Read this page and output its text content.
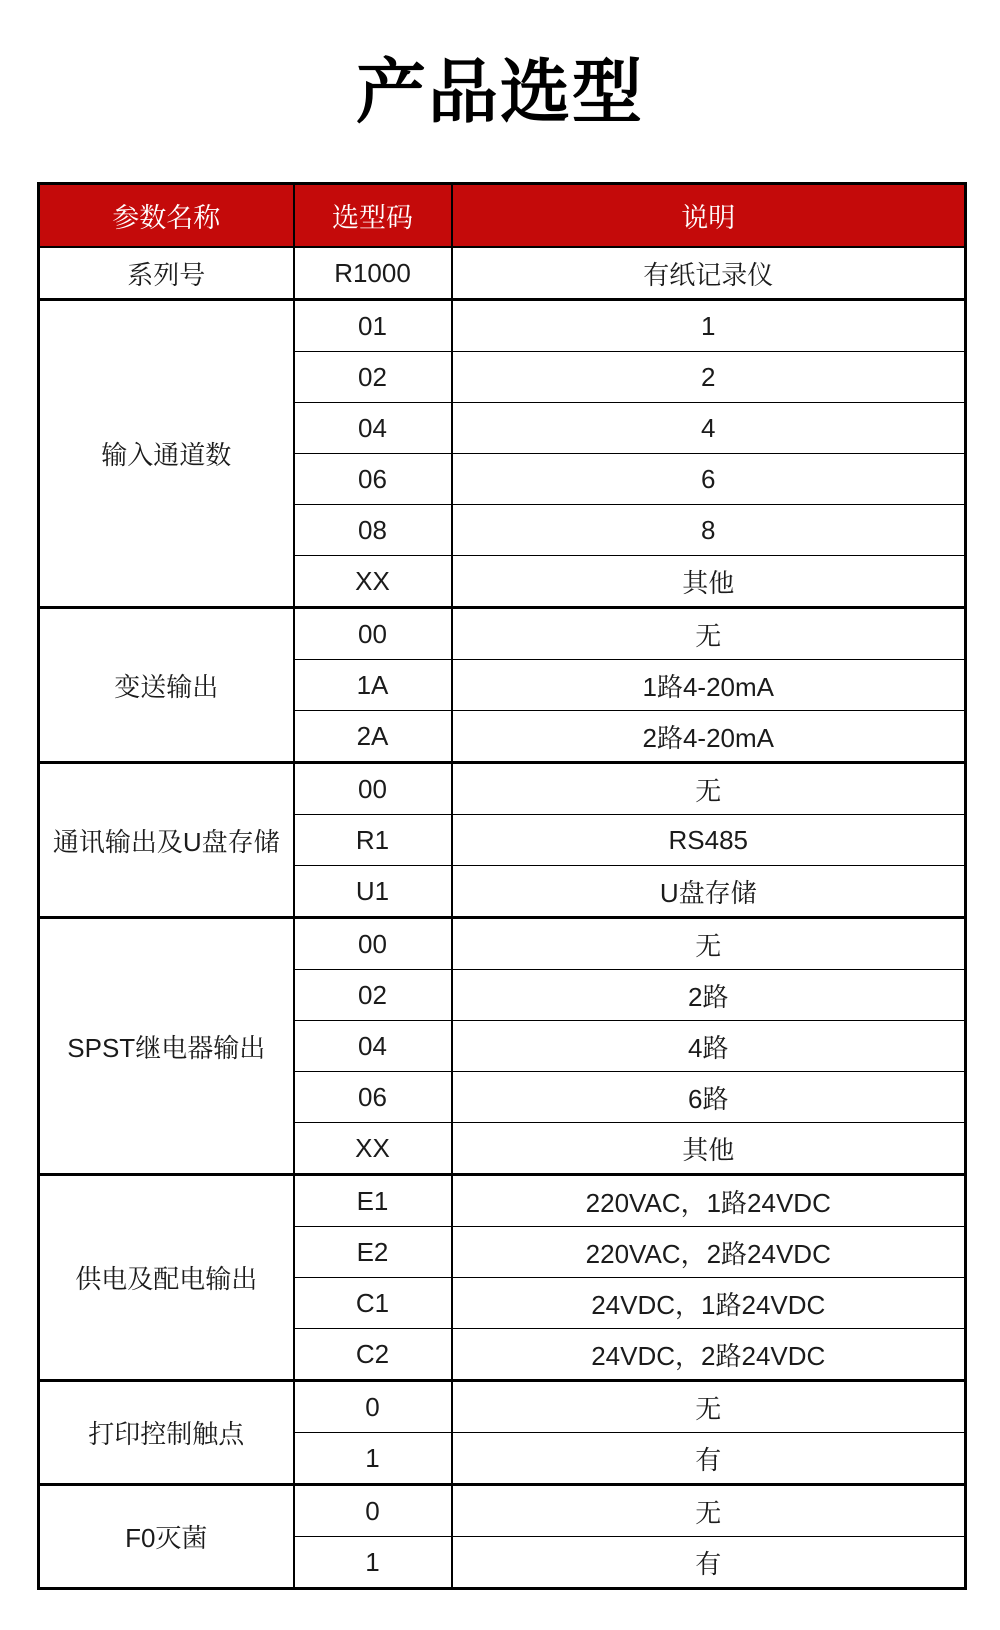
产品选型
参数名称	选型码	说明
系列号	R1000	有纸记录仪
输入通道数	01	1
	02	2
	04	4
	06	6
	08	8
	XX	其他
变送输出	00	无
	1A	1路4-20mA
	2A	2路4-20mA
通讯输出及U盘存储	00	无
	R1	RS485
	U1	U盘存储
SPST继电器输出	00	无
	02	2路
	04	4路
	06	6路
	XX	其他
供电及配电输出	E1	220VAC，1路24VDC
	E2	220VAC，2路24VDC
	C1	24VDC，1路24VDC
	C2	24VDC，2路24VDC
打印控制触点	0	无
	1	有
F0灭菌	0	无
	1	有
